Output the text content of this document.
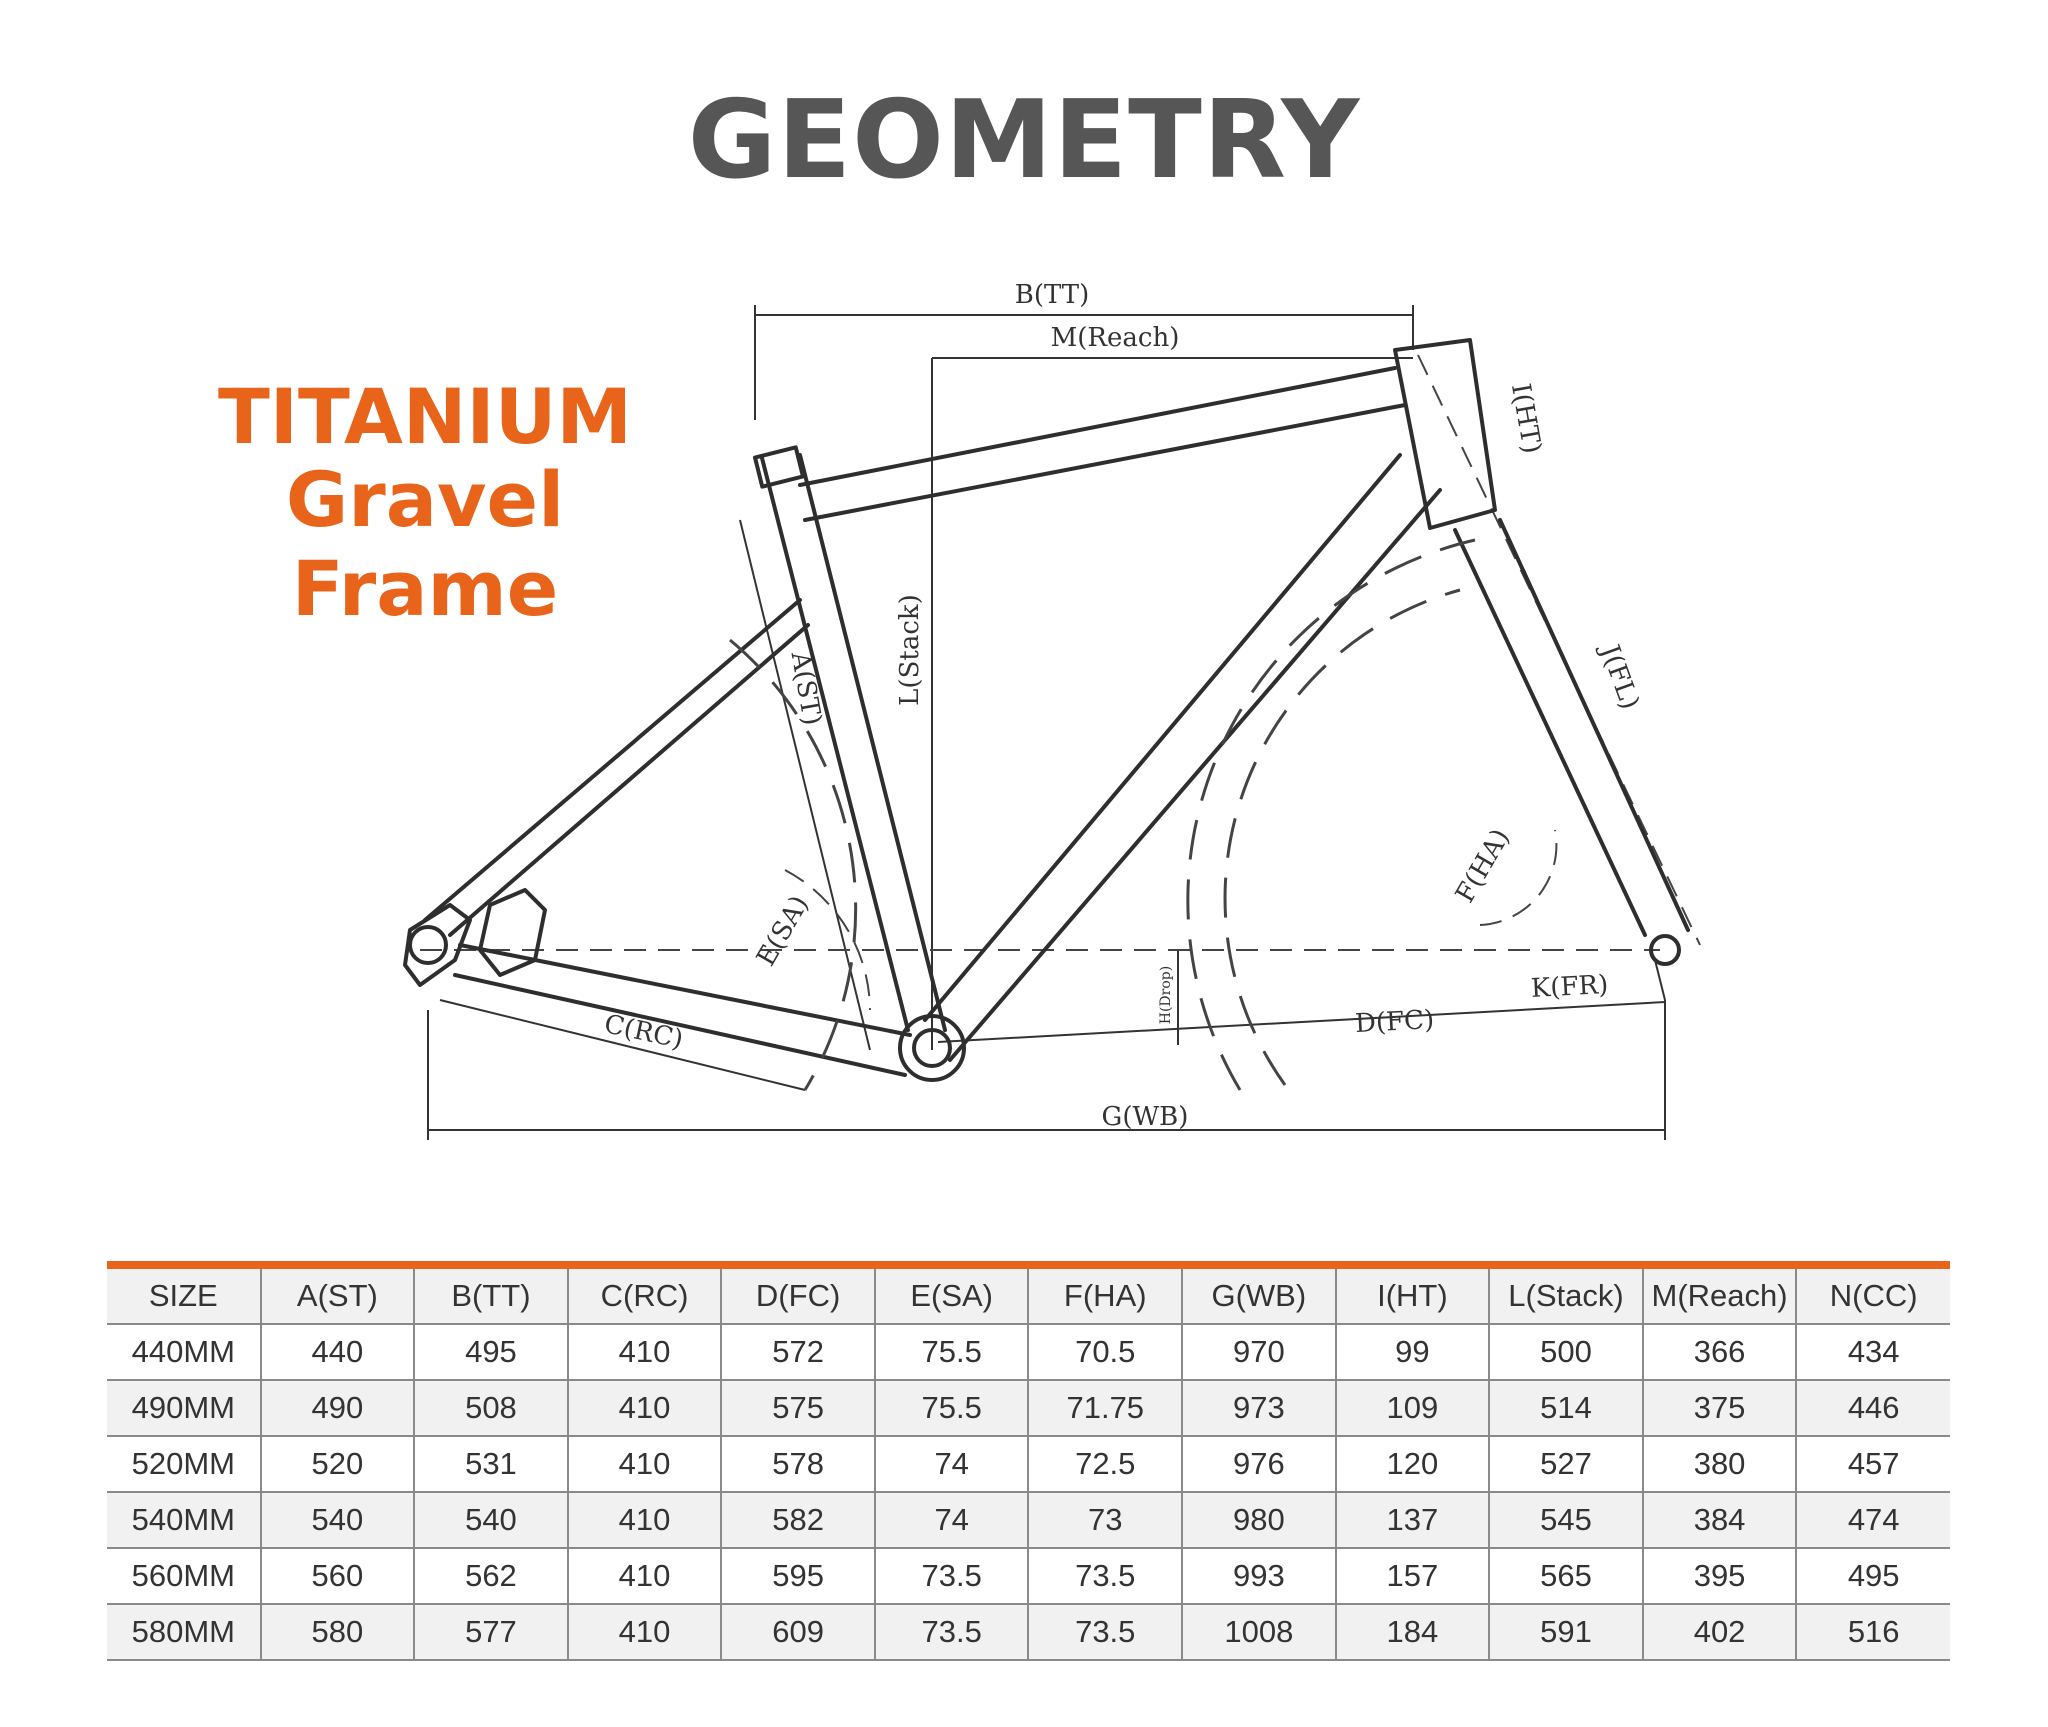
GEOMETRY
TITANIUM
Gravel Frame
B(TT)
M(Reach)
I(HT)
A(ST)	L(Stack)	J(FL)
E(SA)
F(HA)
H(Drop)	K(FR)
C(RC)	D(FC)
G(WB)
SIZE	A(ST)	B(TT)	C(RC)	D(FC)	E(SA)	F(HA)	G(WB)	I(HT)	L(Stack)	M(Reach)	N(CC)
440MM	440	495	410	572	75.5	70.5	970	99	500	366	434
490MM	490	508	410	575	75.5	71.75	973	109	514	375	446
520MM	520	531	410	578	74	72.5	976	120	527	380	457
540MM	540	540	410	582	74	73	980	137	545	384	474
560MM	560	562	410	595	73.5	73.5	993	157	565	395	495
580MM	580	577	410	609	73.5	73.5	1008	184	591	402	516
